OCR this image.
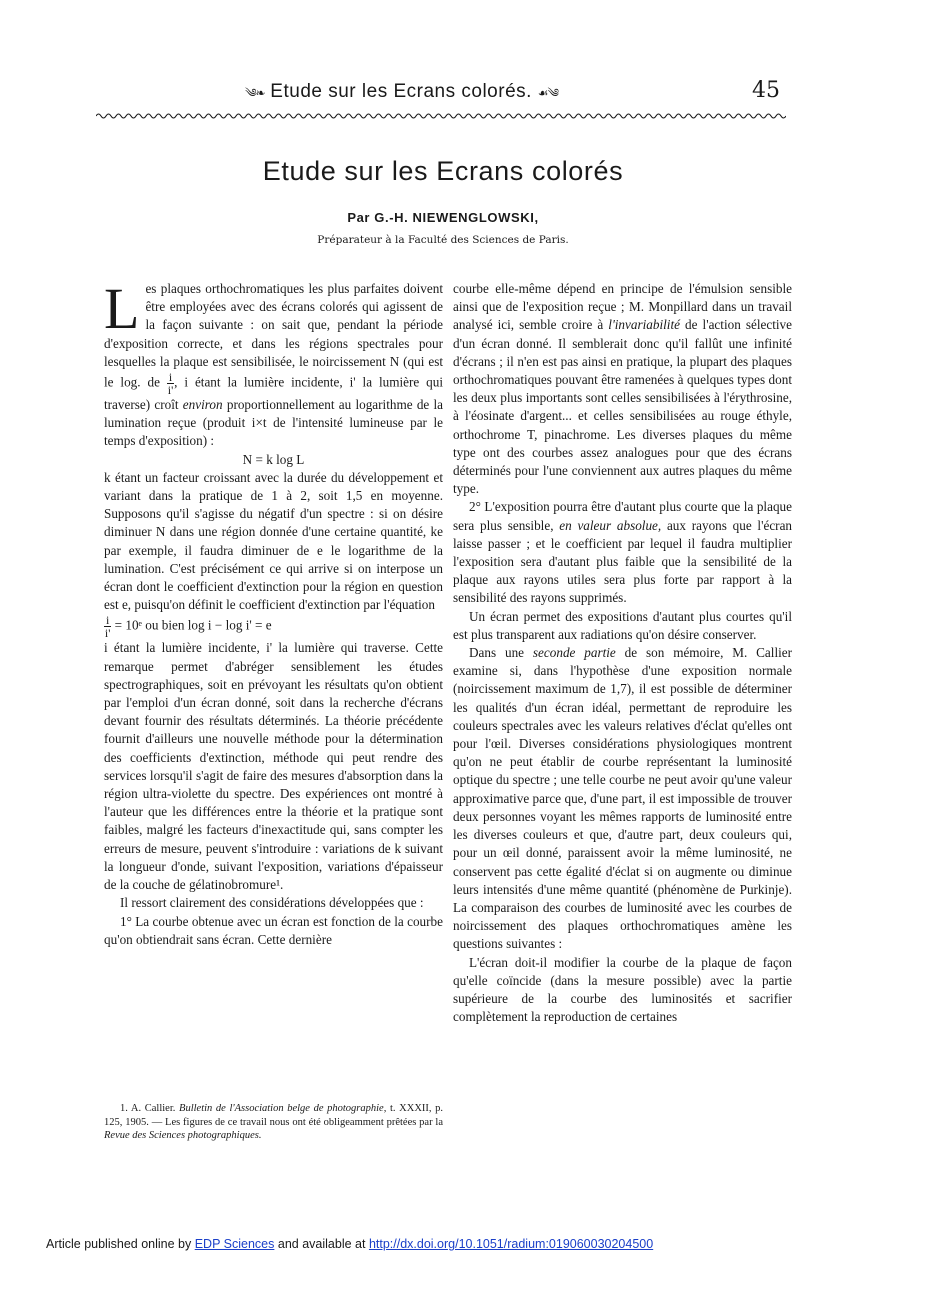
༄❧ Etude sur les Ecrans colorés. ☙༄	45
Etude sur les Ecrans colorés
Par G.-H. NIEWENGLOWSKI,
Préparateur à la Faculté des Sciences de Paris.

Les plaques orthochromatiques les plus parfaites doivent être employées avec des écrans colorés qui agissent de la façon suivante : on sait que, pendant la période d'exposition correcte, et dans les régions spectrales pour lesquelles la plaque est sensibilisée, le noircissement N (qui est le log. de $\frac{i}{i'}$ , i étant la lumière incidente, i' la lumière qui traverse) croît environ proportionnellement au logarithme de la lumination reçue (produit i×t de l'intensité lumineuse par le temps d'exposition) :

N = k log L

k étant un facteur croissant avec la durée du développement et variant dans la pratique de 1 à 2, soit 1,5 en moyenne. Supposons qu'il s'agisse du négatif d'un spectre : si on désire diminuer N dans une région donnée d'une certaine quantité, ke par exemple, il faudra diminuer de e le logarithme de la lumination. C'est précisément ce qui arrive si on interpose un écran dont le coefficient d'extinction pour la région en question est e, puisqu'on définit le coefficient d'extinction par l'équation

$\frac{i}{i'}$ = 10ᵉ ou bien log i − log i' = e

i étant la lumière incidente, i' la lumière qui traverse. Cette remarque permet d'abréger sensiblement les études spectrographiques, soit en prévoyant les résultats qu'on obtient par l'emploi d'un écran donné, soit dans la recherche d'écrans devant fournir des résultats déterminés. La théorie précédente fournit d'ailleurs une nouvelle méthode pour la détermination des coefficients d'extinction, méthode qui peut rendre des services lorsqu'il s'agit de faire des mesures d'absorption dans la région ultra-violette du spectre. Des expériences ont montré à l'auteur que les différences entre la théorie et la pratique sont faibles, malgré les facteurs d'inexactitude qui, sans compter les erreurs de mesure, peuvent s'introduire : variations de k suivant la longueur d'onde, suivant l'exposition, variations d'épaisseur de la couche de gélatinobromure¹.

Il ressort clairement des considérations développées que :

1° La courbe obtenue avec un écran est fonction de la courbe qu'on obtiendrait sans écran. Cette dernière

1. A. Callier. Bulletin de l'Association belge de photographie, t. XXXII, p. 125, 1905. — Les figures de ce travail nous ont été obligeamment prêtées par la Revue des Sciences photographiques.

courbe elle-même dépend en principe de l'émulsion sensible ainsi que de l'exposition reçue ; M. Monpillard dans un travail analysé ici, semble croire à l'invariabilité de l'action sélective d'un écran donné. Il semblerait donc qu'il fallût une infinité d'écrans ; il n'en est pas ainsi en pratique, la plupart des plaques orthochromatiques pouvant être ramenées à quelques types dont les deux plus importants sont celles sensibilisées à l'érythrosine, à l'éosinate d'argent... et celles sensibilisées au rouge éthyle, orthochrome T, pinachrome. Les diverses plaques du même type ont des courbes assez analogues pour que des écrans déterminés pour l'une conviennent aux autres plaques du même type.

2° L'exposition pourra être d'autant plus courte que la plaque sera plus sensible, en valeur absolue, aux rayons que l'écran laisse passer ; et le coefficient par lequel il faudra multiplier l'exposition sera d'autant plus faible que la sensibilité de la plaque aux rayons utiles sera plus forte par rapport à la sensibilité des rayons supprimés.

Un écran permet des expositions d'autant plus courtes qu'il est plus transparent aux radiations qu'on désire conserver.

Dans une seconde partie de son mémoire, M. Callier examine si, dans l'hypothèse d'une exposition normale (noircissement maximum de 1,7), il est possible de déterminer les qualités d'un écran idéal, permettant de reproduire les couleurs spectrales avec les valeurs relatives d'éclat qu'elles ont pour l'œil. Diverses considérations physiologiques montrent qu'on ne peut établir de courbe représentant la luminosité optique du spectre ; une telle courbe ne peut avoir qu'une valeur approximative parce que, d'une part, il est impossible de trouver deux personnes voyant les mêmes rapports de luminosité entre les diverses couleurs et que, d'autre part, deux couleurs qui, pour un œil donné, paraissent avoir la même luminosité, ne conservent pas cette égalité d'éclat si on augmente ou diminue leurs intensités d'une même quantité (phénomène de Purkinje). La comparaison des courbes de luminosité avec les courbes de noircissement des plaques orthochromatiques amène les questions suivantes :

L'écran doit-il modifier la courbe de la plaque de façon qu'elle coïncide (dans la mesure possible) avec la partie supérieure de la courbe des luminosités et sacrifier complètement la reproduction de certaines

Article published online by EDP Sciences and available at http://dx.doi.org/10.1051/radium:019060030204500
